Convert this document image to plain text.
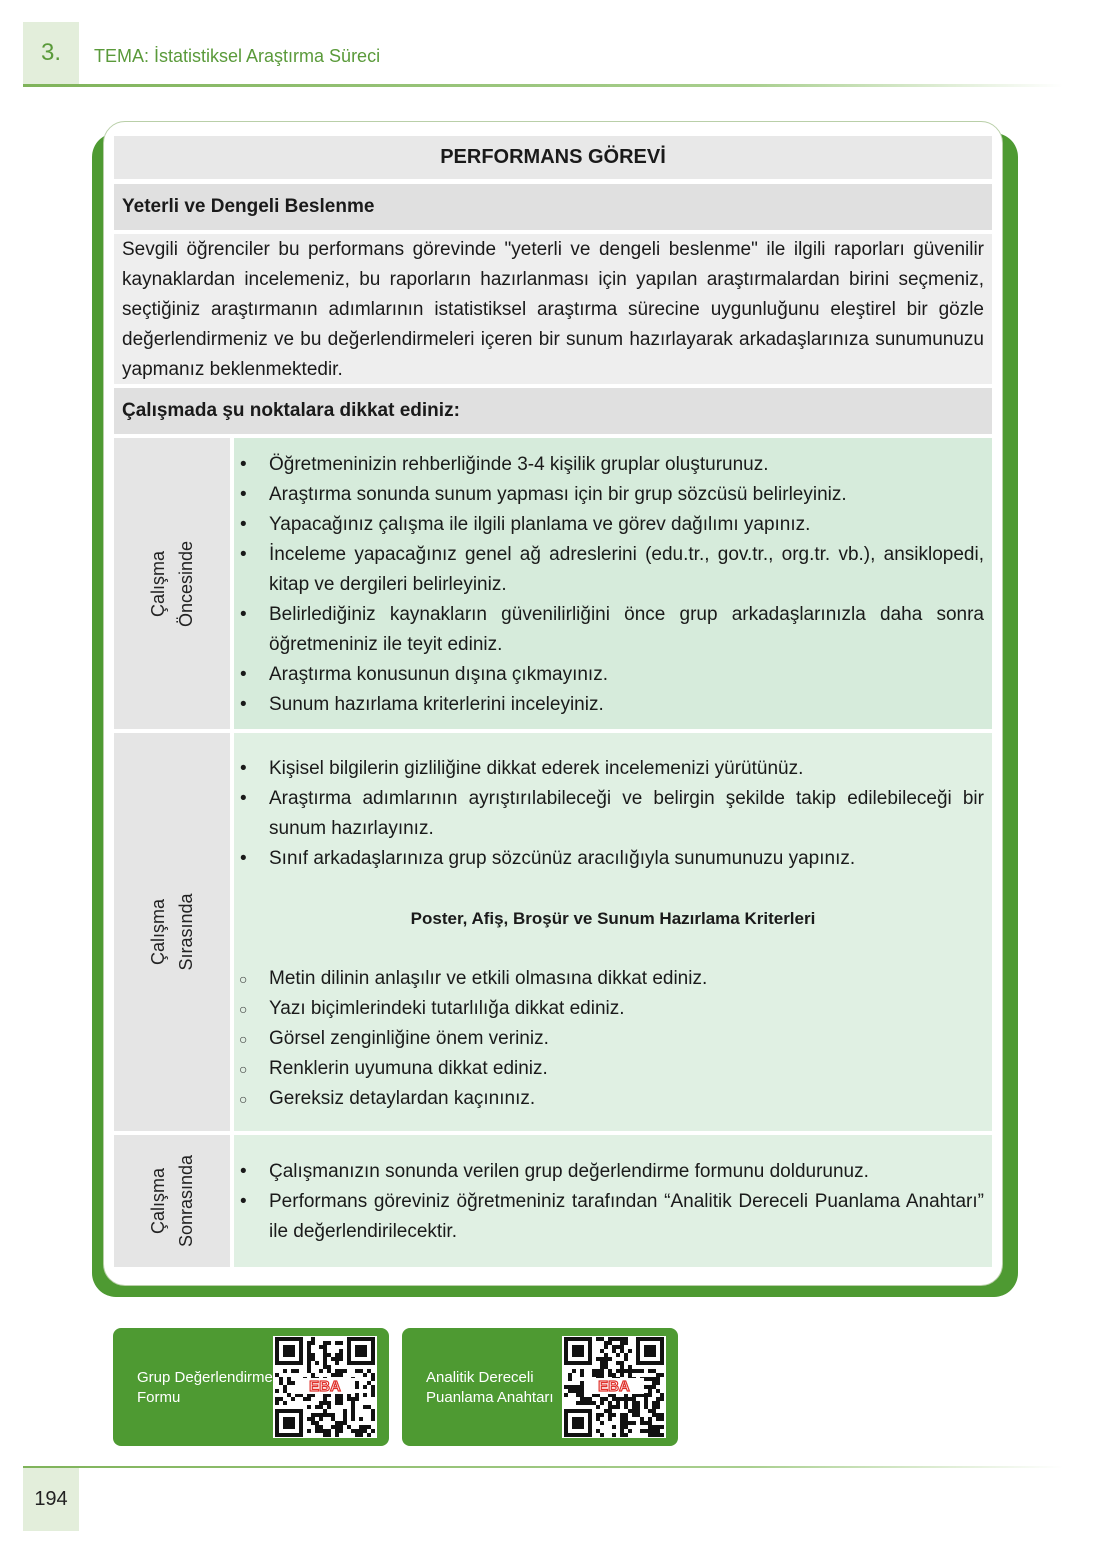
3.	TEMA: İstatistiksel Araştırma Süreci
PERFORMANS GÖREVİ
Yeterli ve Dengeli Beslenme

Sevgili öğrenciler bu performans görevinde "yeterli ve dengeli beslenme" ile ilgili raporları güvenilir kaynaklardan incelemeniz, bu raporların hazırlanması için yapılan araştırmalardan birini seçmeniz, seçtiğiniz araştırmanın adımlarının istatistiksel araştırma sürecine uygunluğunu eleştirel bir gözle değerlendirmeniz ve bu değerlendirmeleri içeren bir sunum hazırlayarak arkadaşlarınıza sunumunuzu yapmanız beklenmektedir.

Çalışmada şu noktalara dikkat ediniz:
Çalışma Öncesinde
• Öğretmeninizin rehberliğinde 3-4 kişilik gruplar oluşturunuz.
• Araştırma sonunda sunum yapması için bir grup sözcüsü belirleyiniz.
• Yapacağınız çalışma ile ilgili planlama ve görev dağılımı yapınız.
• İnceleme yapacağınız genel ağ adreslerini (edu.tr., gov.tr., org.tr. vb.), ansiklopedi, kitap ve dergileri belirleyiniz.
• Belirlediğiniz kaynakların güvenilirliğini önce grup arkadaşlarınızla daha sonra öğretmeniniz ile teyit ediniz.
• Araştırma konusunun dışına çıkmayınız.
• Sunum hazırlama kriterlerini inceleyiniz.
Çalışma Sırasında
• Kişisel bilgilerin gizliliğine dikkat ederek incelemenizi yürütünüz.
• Araştırma adımlarının ayrıştırılabileceği ve belirgin şekilde takip edilebileceği bir sunum hazırlayınız.
• Sınıf arkadaşlarınıza grup sözcünüz aracılığıyla sunumunuzu yapınız.
Poster, Afiş, Broşür ve Sunum Hazırlama Kriterleri
○ Metin dilinin anlaşılır ve etkili olmasına dikkat ediniz.
○ Yazı biçimlerindeki tutarlılığa dikkat ediniz.
○ Görsel zenginliğine önem veriniz.
○ Renklerin uyumuna dikkat ediniz.
○ Gereksiz detaylardan kaçınınız.
Çalışma Sonrasında • Çalışmanızın sonunda verilen grup değerlendirme formunu doldurunuz.
• Performans göreviniz öğretmeniniz tarafından “Analitik Dereceli Puanlama Anahtarı” ile değerlendirilecektir.
Grup Değerlendirme
Formu
EBA
Analitik Dereceli
Puanlama Anahtarı
EBA
194
